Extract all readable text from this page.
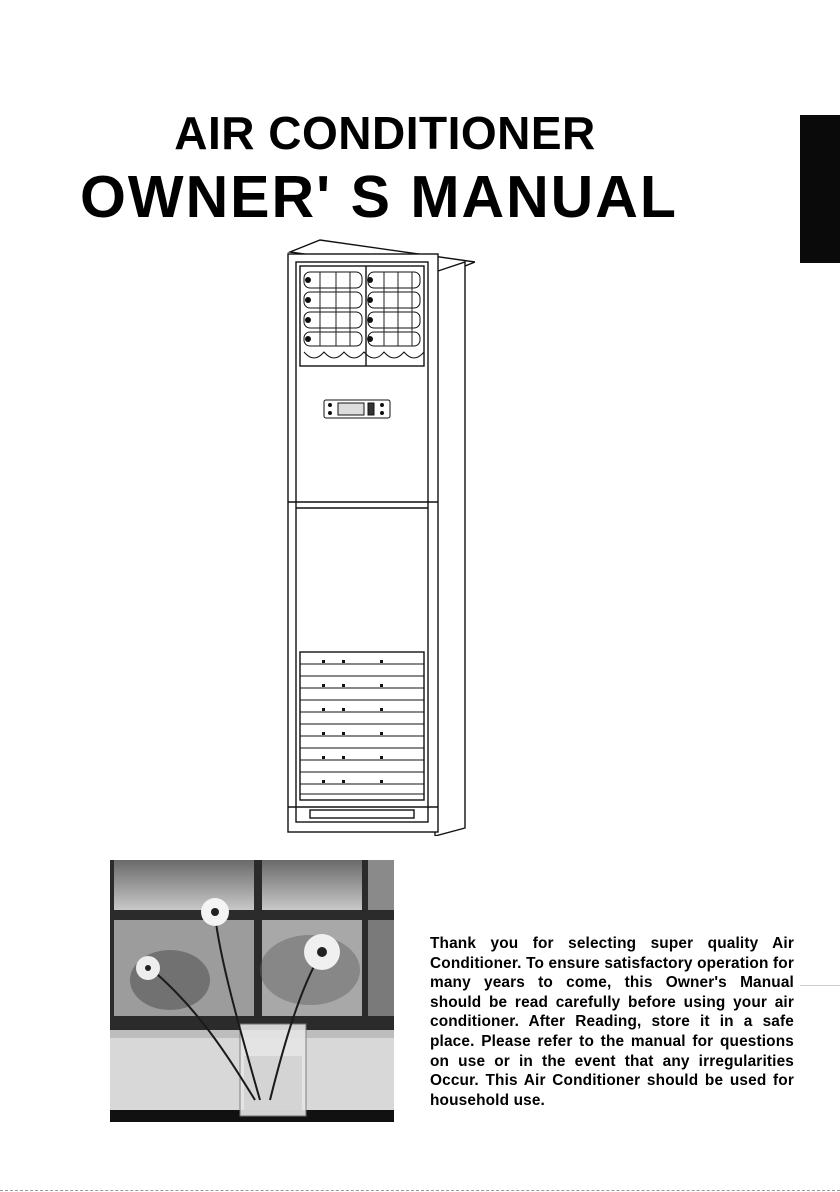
AIR CONDITIONER
OWNER' S MANUAL
Thank you for selecting super quality Air Conditioner. To ensure satisfactory operation for many years to come, this Owner's Manual should be read carefully before using your air conditioner. After Reading, store it in a safe place. Please refer to the manual for questions on use or in the event that any irregularities Occur. This Air Conditioner should be used for household use.
